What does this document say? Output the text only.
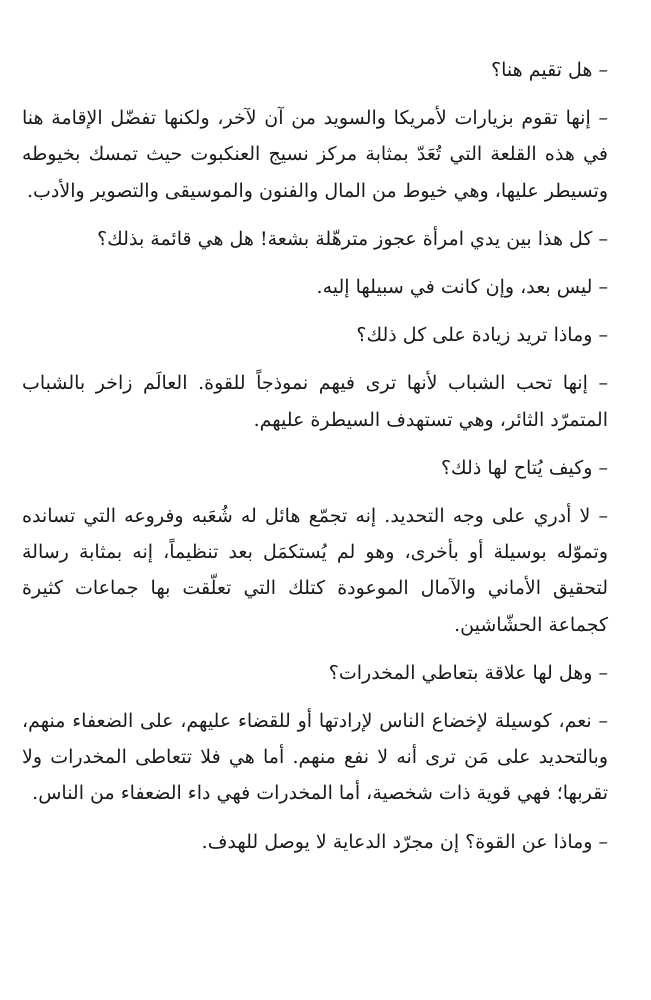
– هل تقيم هنا؟

– إنها تقوم بزيارات لأمريكا والسويد من آن لآخر، ولكنها تفضّل الإقامة هنا في هذه القلعة التي تُعَدّ بمثابة مركز نسيج العنكبوت حيث تمسك بخيوطه وتسيطر عليها، وهي خيوط من المال والفنون والموسيقى والتصوير والأدب.

– كل هذا بين يدي امرأة عجوز مترهّلة بشعة! هل هي قائمة بذلك؟

– ليس بعد، وإن كانت في سبيلها إليه.

– وماذا تريد زيادة على كل ذلك؟

– إنها تحب الشباب لأنها ترى فيهم نموذجاً للقوة. العالَم زاخر بالشباب المتمرّد الثائر، وهي تستهدف السيطرة عليهم.

– وكيف يُتاح لها ذلك؟

– لا أدري على وجه التحديد. إنه تجمّع هائل له شُعَبه وفروعه التي تسانده وتموّله بوسيلة أو بأخرى، وهو لم يُستكمَل بعد تنظيماً، إنه بمثابة رسالة لتحقيق الأماني والآمال الموعودة كتلك التي تعلّقت بها جماعات كثيرة كجماعة الحشّاشين.

– وهل لها علاقة بتعاطي المخدرات؟

– نعم، كوسيلة لإخضاع الناس لإرادتها أو للقضاء عليهم، على الضعفاء منهم، وبالتحديد على مَن ترى أنه لا نفع منهم. أما هي فلا تتعاطى المخدرات ولا تقربها؛ فهي قوية ذات شخصية، أما المخدرات فهي داء الضعفاء من الناس.

– وماذا عن القوة؟ إن مجرّد الدعاية لا يوصل للهدف.
